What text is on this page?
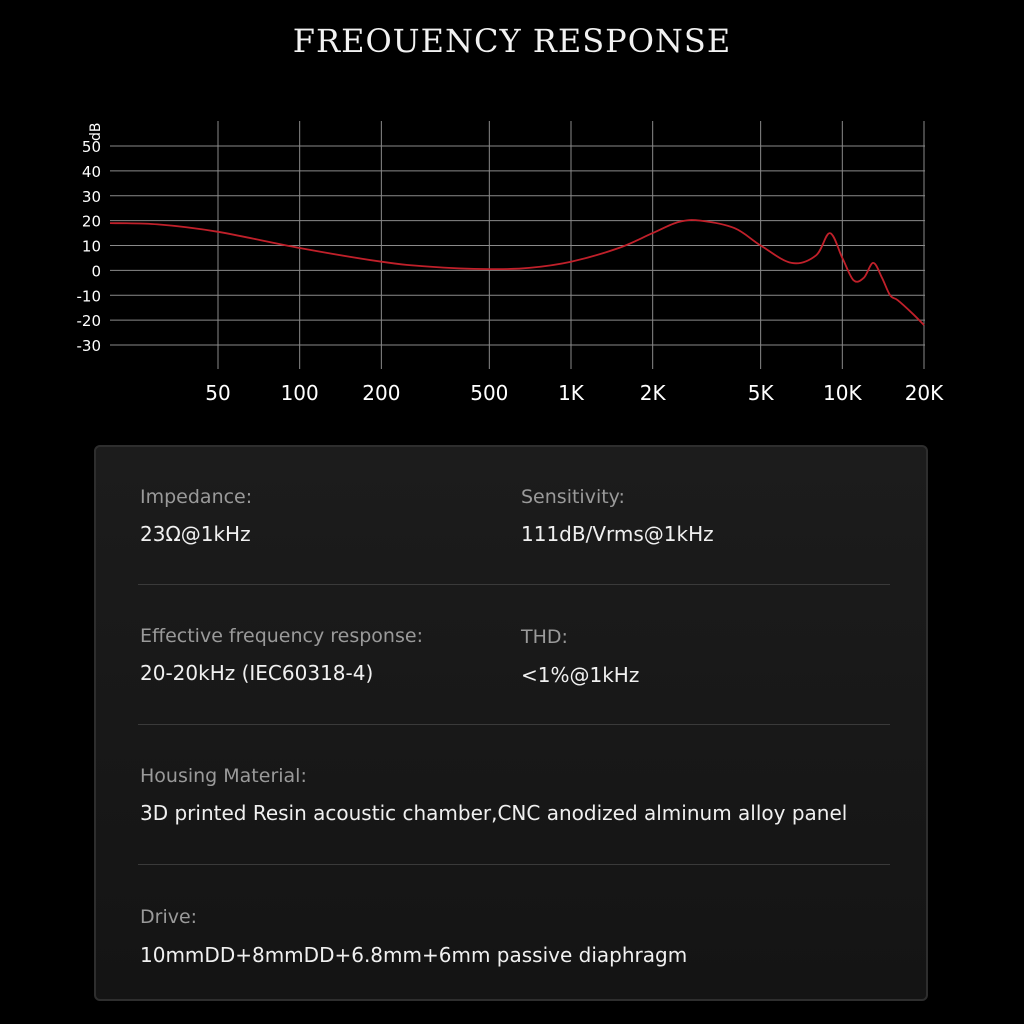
FREOUENCY RESPONSE
50
40
30
20
10
0
-10
-20
-30
50 100 200	500 1K	2K	5K 10K 20K
dB
Impedance:
23Ω@1kHz
Sensitivity:
111dB/Vrms@1kHz
Effective frequency response:
20-20kHz (IEC60318-4)
THD:
<1%@1kHz
Housing Material:
3D printed Resin acoustic chamber,CNC anodized alminum alloy panel
Drive:
10mmDD+8mmDD+6.8mm+6mm passive diaphragm
